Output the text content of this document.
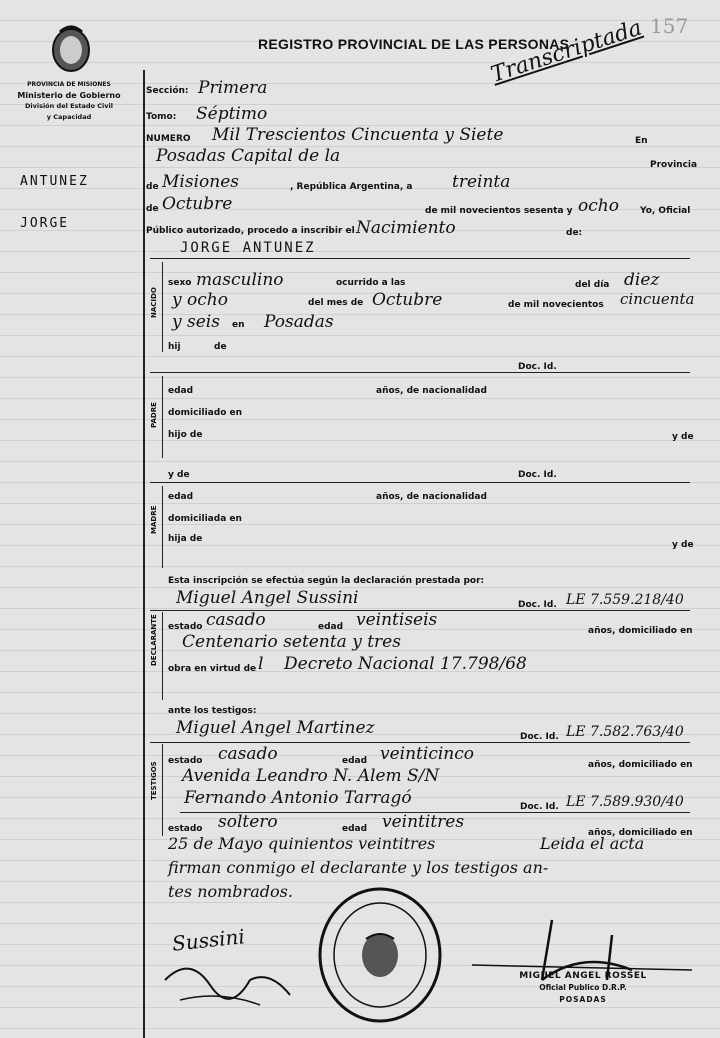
PROVINCIA DE MISIONES
Ministerio de Gobierno
División del Estado Civil
y Capacidad
ANTUNEZ
JORGE
REGISTRO PROVINCIAL DE LAS PERSONAS
157
Transcriptada
Sección: Primera
Tomo: Séptimo
NUMERO Mil Trescientos Cincuenta y Siete	En
Posadas Capital de la	Provincia
de Misiones	, República Argentina, a treinta
de Octubre	de mil novecientos sesenta y ocho Yo, Oficial
Público autorizado, procedo a inscribir el Nacimiento	de:
JORGE ANTUNEZ
NACIDO
sexo masculino	ocurrido a las	del día diez
y ocho	del mes de Octubre	de mil novecientos cincuenta
y seis en Posadas
hij	de
Doc. Id.
PADRE
edad	años, de nacionalidad
domiciliado en
hijo de	y de
y de	Doc. Id.
MADRE
edad	años, de nacionalidad
domiciliada en
hija de
y de
Esta inscripción se efectúa según la declaración prestada por:
Miguel Angel Sussini	Doc. Id. LE 7.559.218/40
DECLARANTE estado casado	edad veintiseis
años, domiciliado en
Centenario setenta y tres
obra en virtud de l Decreto Nacional 17.798/68
ante los testigos:
Miguel Angel Martinez	Doc. Id. LE 7.582.763/40
TESTIGOS
estado casado	edad veinticinco
años, domiciliado en
Avenida Leandro N. Alem S/N
Fernando Antonio Tarragó	Doc. Id. LE 7.589.930/40
estado soltero	edad veintitres
años, domiciliado en
25 de Mayo quinientos veintitres	Leida el acta
firman conmigo el declarante y los testigos an-
tes nombrados.
Sussini
MIGUEL ANGEL ROSSEL
Oficial Publico D.R.P.
POSADAS
